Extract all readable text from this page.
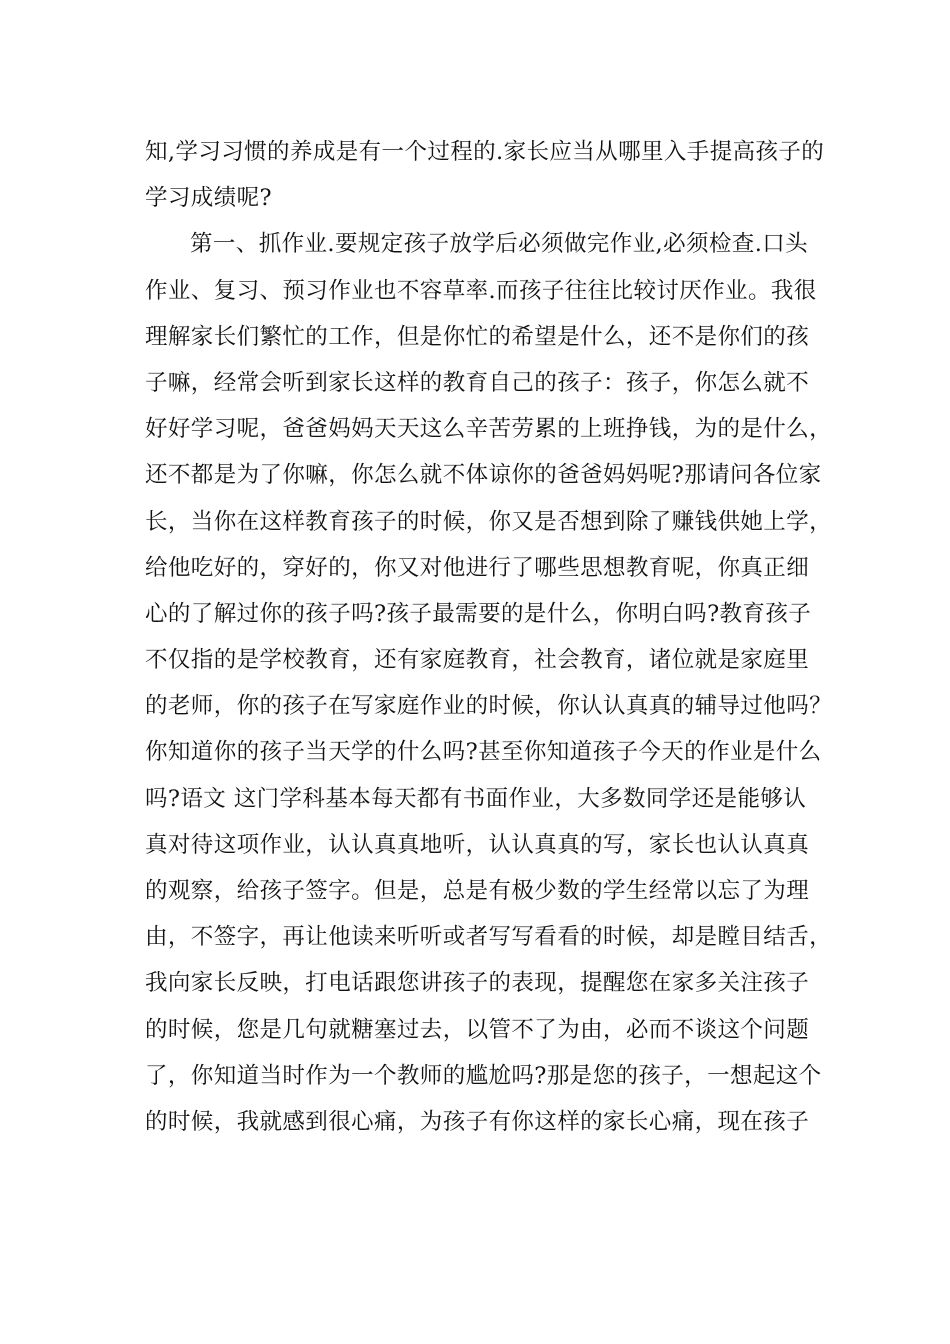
知,学习习惯的养成是有一个过程的.家长应当从哪里入手提高孩子的
学习成绩呢?
第一、抓作业.要规定孩子放学后必须做完作业,必须检查.口头
作业、复习、预习作业也不容草率.而孩子往往比较讨厌作业。我很
理解家长们繁忙的工作，但是你忙的希望是什么，还不是你们的孩
子嘛，经常会听到家长这样的教育自己的孩子：孩子，你怎么就不
好好学习呢，爸爸妈妈天天这么辛苦劳累的上班挣钱，为的是什么，
还不都是为了你嘛，你怎么就不体谅你的爸爸妈妈呢?那请问各位家
长，当你在这样教育孩子的时候，你又是否想到除了赚钱供她上学，
给他吃好的，穿好的，你又对他进行了哪些思想教育呢，你真正细
心的了解过你的孩子吗?孩子最需要的是什么，你明白吗?教育孩子
不仅指的是学校教育，还有家庭教育，社会教育，诸位就是家庭里
的老师，你的孩子在写家庭作业的时候，你认认真真的辅导过他吗？
你知道你的孩子当天学的什么吗?甚至你知道孩子今天的作业是什么
吗?语文 这门学科基本每天都有书面作业，大多数同学还是能够认
真对待这项作业，认认真真地听，认认真真的写，家长也认认真真
的观察，给孩子签字。但是，总是有极少数的学生经常以忘了为理
由，不签字，再让他读来听听或者写写看看的时候，却是瞠目结舌，
我向家长反映，打电话跟您讲孩子的表现，提醒您在家多关注孩子
的时候，您是几句就糖塞过去，以管不了为由，必而不谈这个问题
了，你知道当时作为一个教师的尴尬吗?那是您的孩子，一想起这个
的时候，我就感到很心痛，为孩子有你这样的家长心痛，现在孩子
